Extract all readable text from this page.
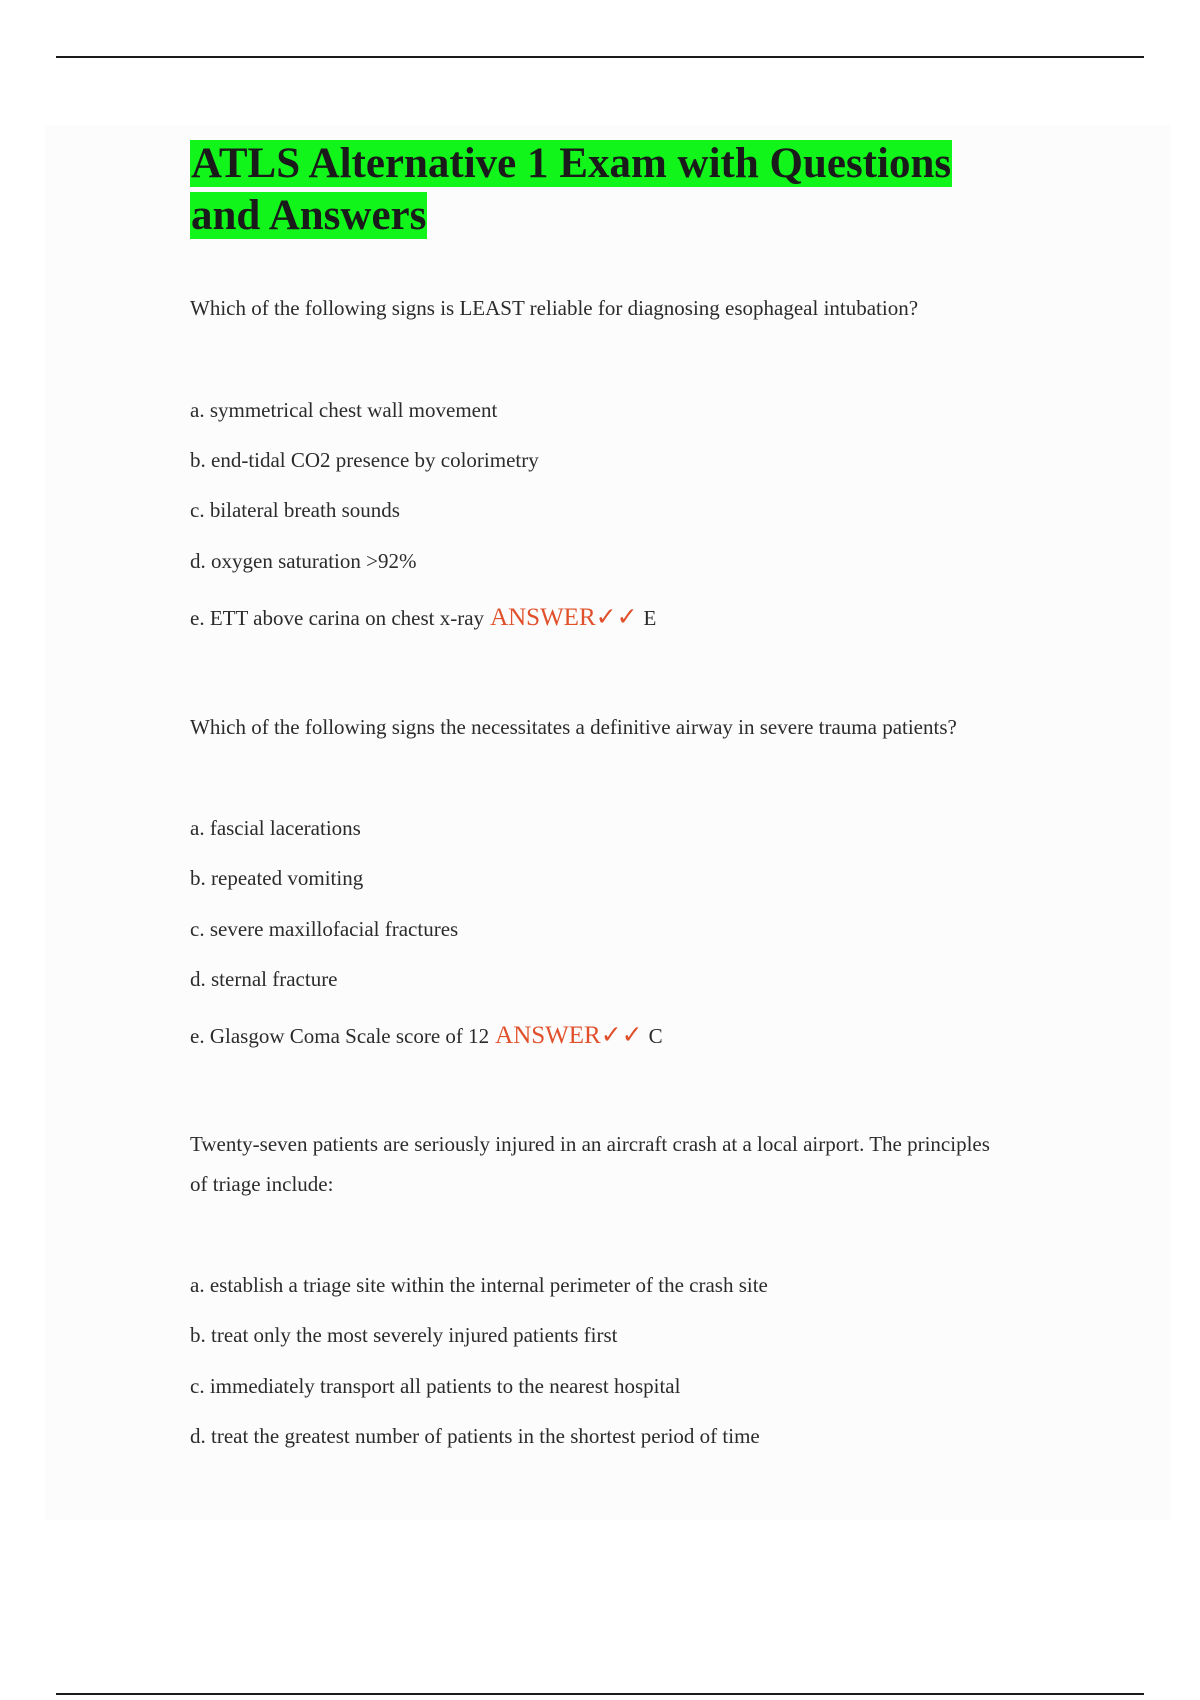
ATLS Alternative 1 Exam with Questions and Answers

Which of the following signs is LEAST reliable for diagnosing esophageal intubation?

a. symmetrical chest wall movement

b. end-tidal CO2 presence by colorimetry

c. bilateral breath sounds

d. oxygen saturation >92%

e. ETT above carina on chest x-ray ANSWER✓✓ E

Which of the following signs the necessitates a definitive airway in severe trauma patients?

a. fascial lacerations

b. repeated vomiting

c. severe maxillofacial fractures

d. sternal fracture

e. Glasgow Coma Scale score of 12 ANSWER✓✓ C

Twenty-seven patients are seriously injured in an aircraft crash at a local airport. The principles of triage include:

a. establish a triage site within the internal perimeter of the crash site

b. treat only the most severely injured patients first

c. immediately transport all patients to the nearest hospital

d. treat the greatest number of patients in the shortest period of time
